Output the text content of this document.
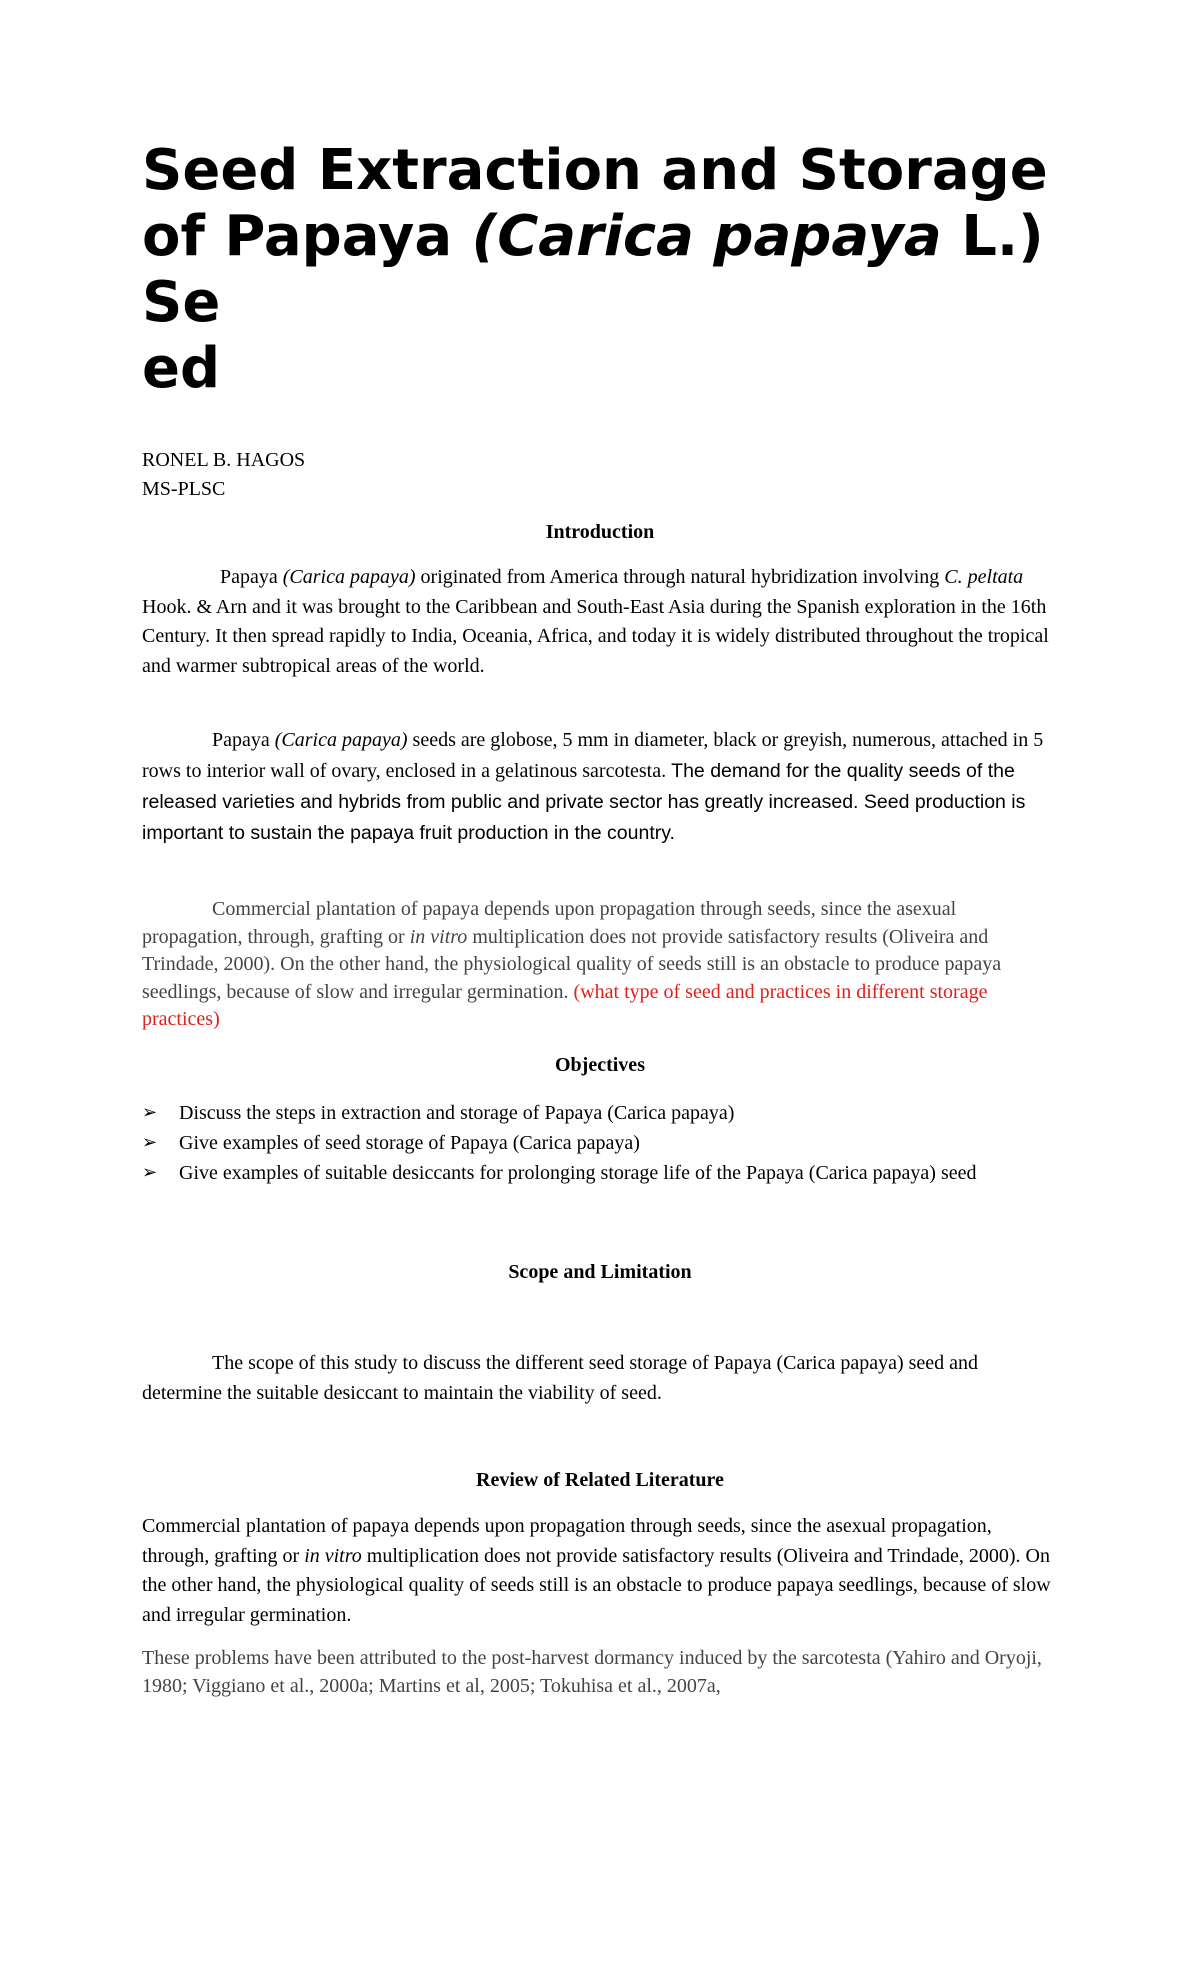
Seed Extraction and Storage of Papaya (Carica papaya L.)
Se
ed
RONEL B. HAGOS
MS-PLSC
Introduction

Papaya (Carica papaya) originated from America through natural hybridization involving C. peltata Hook. & Arn and it was brought to the Caribbean and South-East Asia during the Spanish exploration in the 16th Century. It then spread rapidly to India, Oceania, Africa, and today it is widely distributed throughout the tropical and warmer subtropical areas of the world.

Papaya (Carica papaya) seeds are globose, 5 mm in diameter, black or greyish, numerous, attached in 5 rows to interior wall of ovary, enclosed in a gelatinous sarcotesta. The demand for the quality seeds of the released varieties and hybrids from public and private sector has greatly increased. Seed production is important to sustain the papaya fruit production in the country.

Commercial plantation of papaya depends upon propagation through seeds, since the asexual propagation, through, grafting or in vitro multiplication does not provide satisfactory results (Oliveira and Trindade, 2000). On the other hand, the physiological quality of seeds still is an obstacle to produce papaya seedlings, because of slow and irregular germination. (what type of seed and practices in different storage practices)

Objectives
➢	Discuss the steps in extraction and storage of Papaya (Carica papaya)
➢	Give examples of seed storage of Papaya (Carica papaya)
➢	Give examples of suitable desiccants for prolonging storage life of the Papaya (Carica papaya) seed
Scope and Limitation

The scope of this study to discuss the different seed storage of Papaya (Carica papaya) seed and determine the suitable desiccant to maintain the viability of seed.

Review of Related Literature

Commercial plantation of papaya depends upon propagation through seeds, since the asexual propagation, through, grafting or in vitro multiplication does not provide satisfactory results (Oliveira and Trindade, 2000). On the other hand, the physiological quality of seeds still is an obstacle to produce papaya seedlings, because of slow and irregular germination.

These problems have been attributed to the post-harvest dormancy induced by the sarcotesta (Yahiro and Oryoji, 1980; Viggiano et al., 2000a; Martins et al, 2005; Tokuhisa et al., 2007a,
